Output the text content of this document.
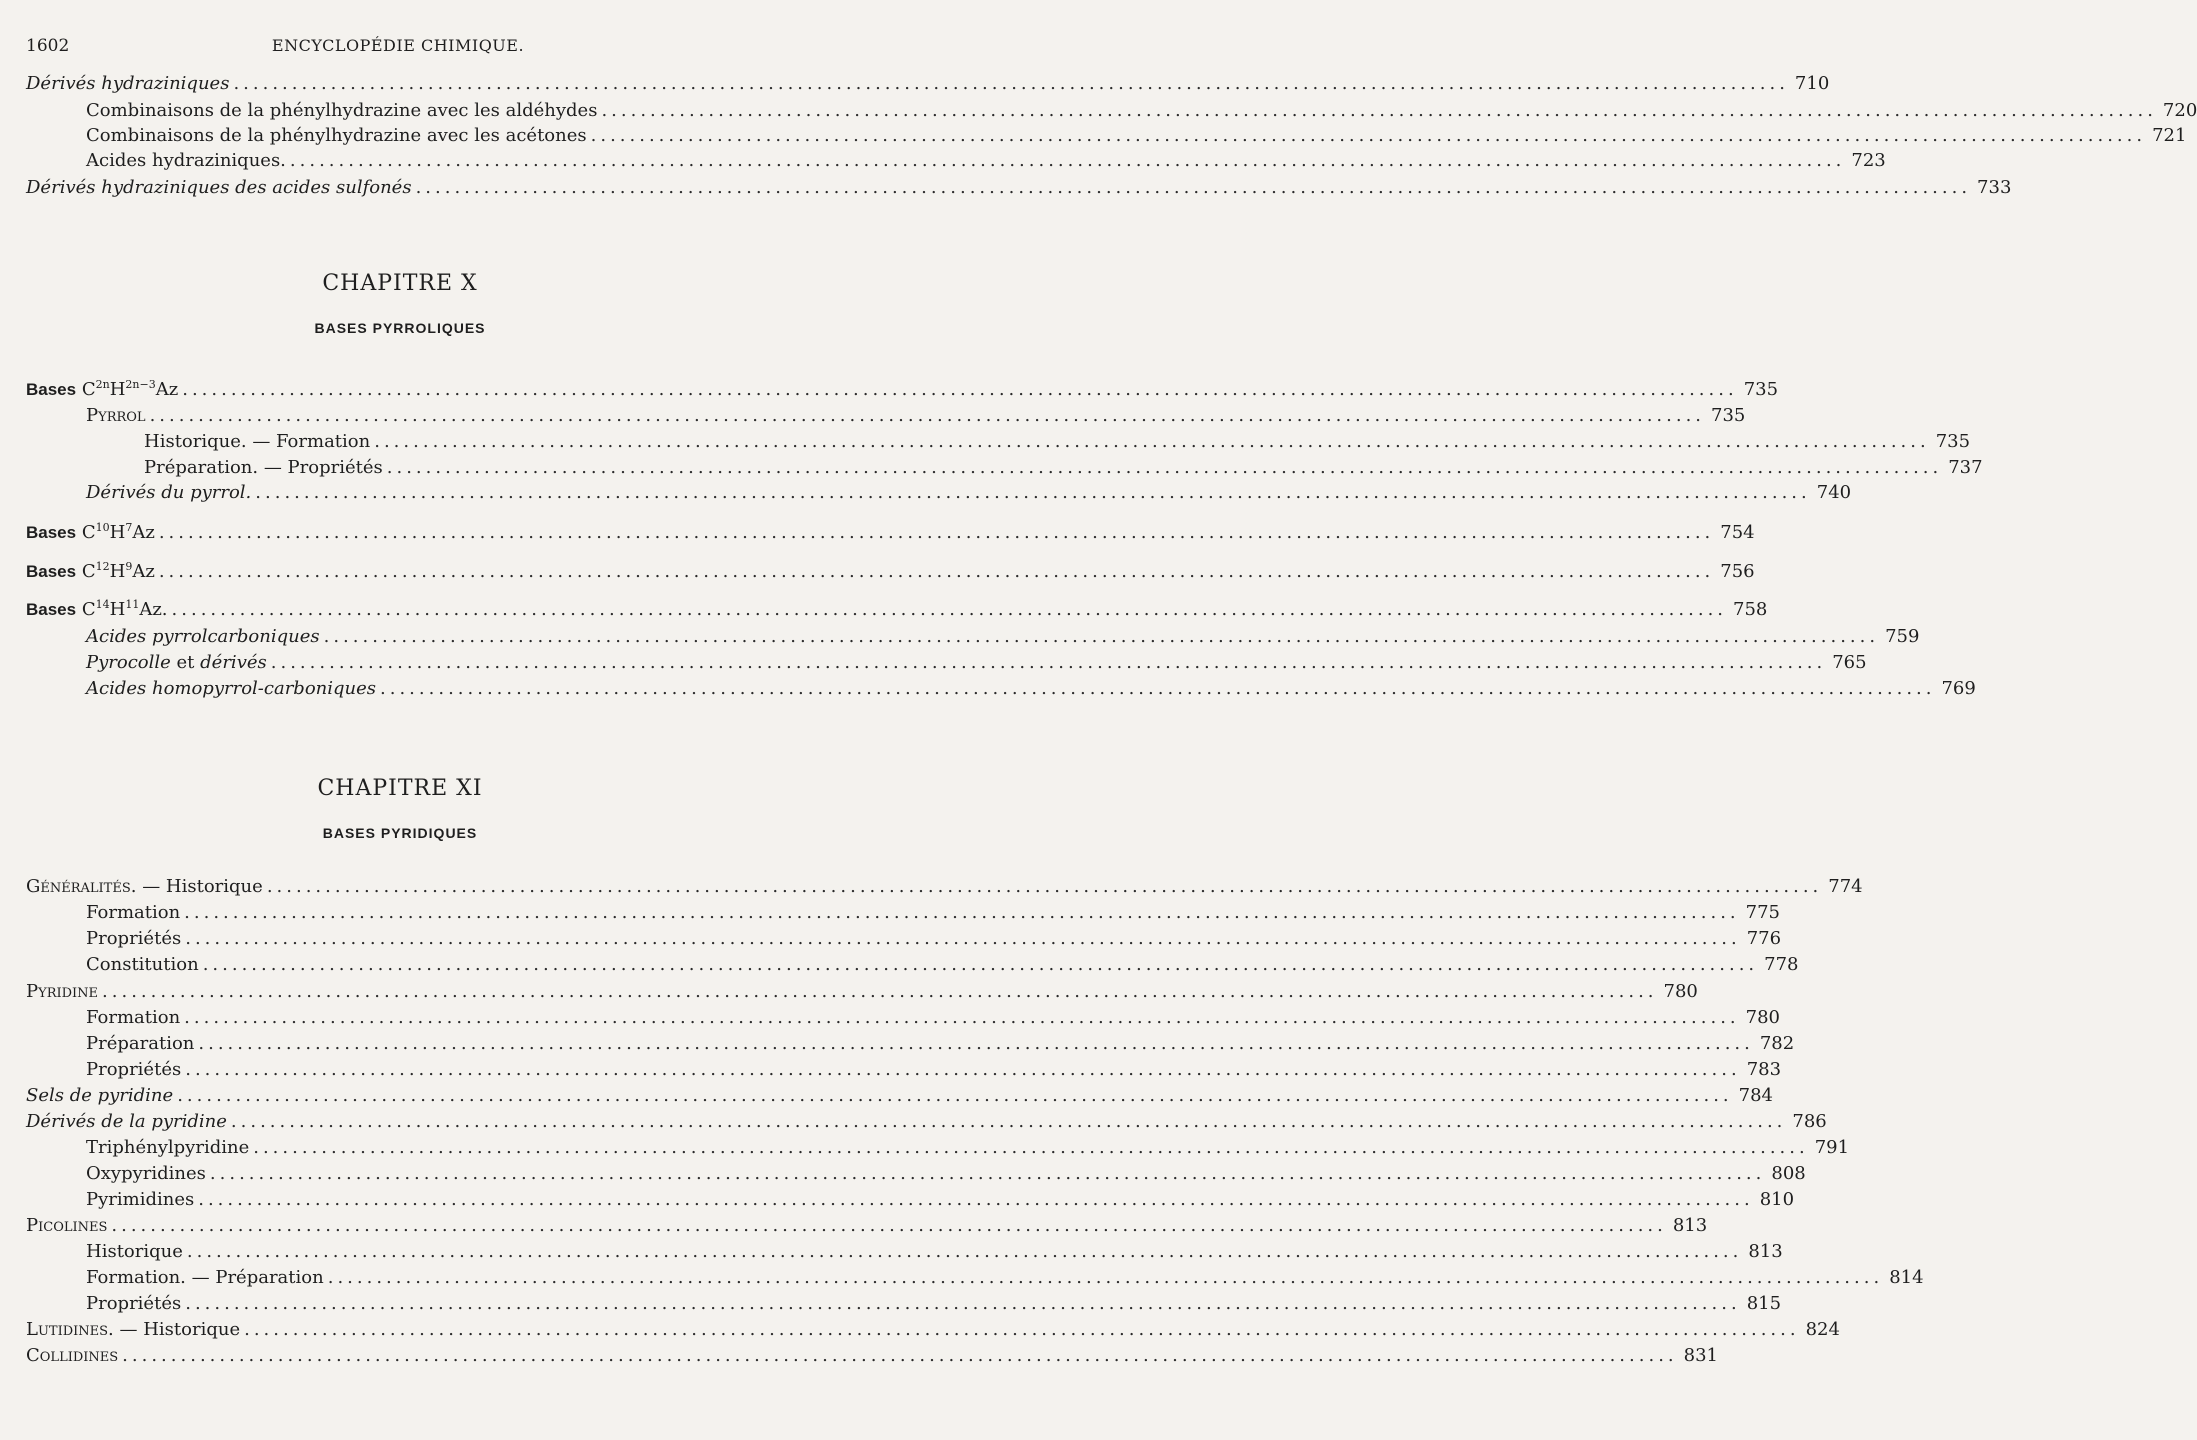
1602	ENCYCLOPÉDIE CHIMIQUE.
Dérivés hydraziniques ................................................................................................................................................................ 710
Combinaisons de la phénylhydrazine avec les aldéhydes ................................................................................................................................................................ 720
Combinaisons de la phénylhydrazine avec les acétones ................................................................................................................................................................ 721
Acides hydraziniques. ................................................................................................................................................................ 723
Dérivés hydraziniques des acides sulfonés ................................................................................................................................................................ 733
CHAPITRE X
BASES PYRROLIQUES
Bases $C^{2n}H^{2n-3}Az$ ................................................................................................................................................................ 735
Pyrrol ................................................................................................................................................................ 735
Historique. — Formation ................................................................................................................................................................ 735
Préparation. — Propriétés ................................................................................................................................................................ 737
Dérivés du pyrrol. ................................................................................................................................................................ 740
Bases $C^{10}H^7Az$ ................................................................................................................................................................ 754
Bases $C^{12}H^9Az$ ................................................................................................................................................................ 756
Bases $C^{14}H^{11}Az$. ................................................................................................................................................................ 758
Acides pyrrolcarboniques ................................................................................................................................................................ 759
Pyrocolle et dérivés ................................................................................................................................................................ 765
Acides homopyrrol-carboniques ................................................................................................................................................................ 769
CHAPITRE XI
BASES PYRIDIQUES
Généralités. — Historique ................................................................................................................................................................ 774
Formation ................................................................................................................................................................ 775
Propriétés ................................................................................................................................................................ 776
Constitution ................................................................................................................................................................ 778
Pyridine ................................................................................................................................................................ 780
Formation ................................................................................................................................................................ 780
Préparation ................................................................................................................................................................ 782
Propriétés ................................................................................................................................................................ 783
Sels de pyridine ................................................................................................................................................................ 784
Dérivés de la pyridine ................................................................................................................................................................ 786
Triphénylpyridine ................................................................................................................................................................ 791
Oxypyridines ................................................................................................................................................................ 808
Pyrimidines ................................................................................................................................................................ 810
Picolines ................................................................................................................................................................ 813
Historique ................................................................................................................................................................ 813
Formation. — Préparation ................................................................................................................................................................ 814
Propriétés ................................................................................................................................................................ 815
Lutidines. — Historique ................................................................................................................................................................ 824
Collidines ................................................................................................................................................................ 831
